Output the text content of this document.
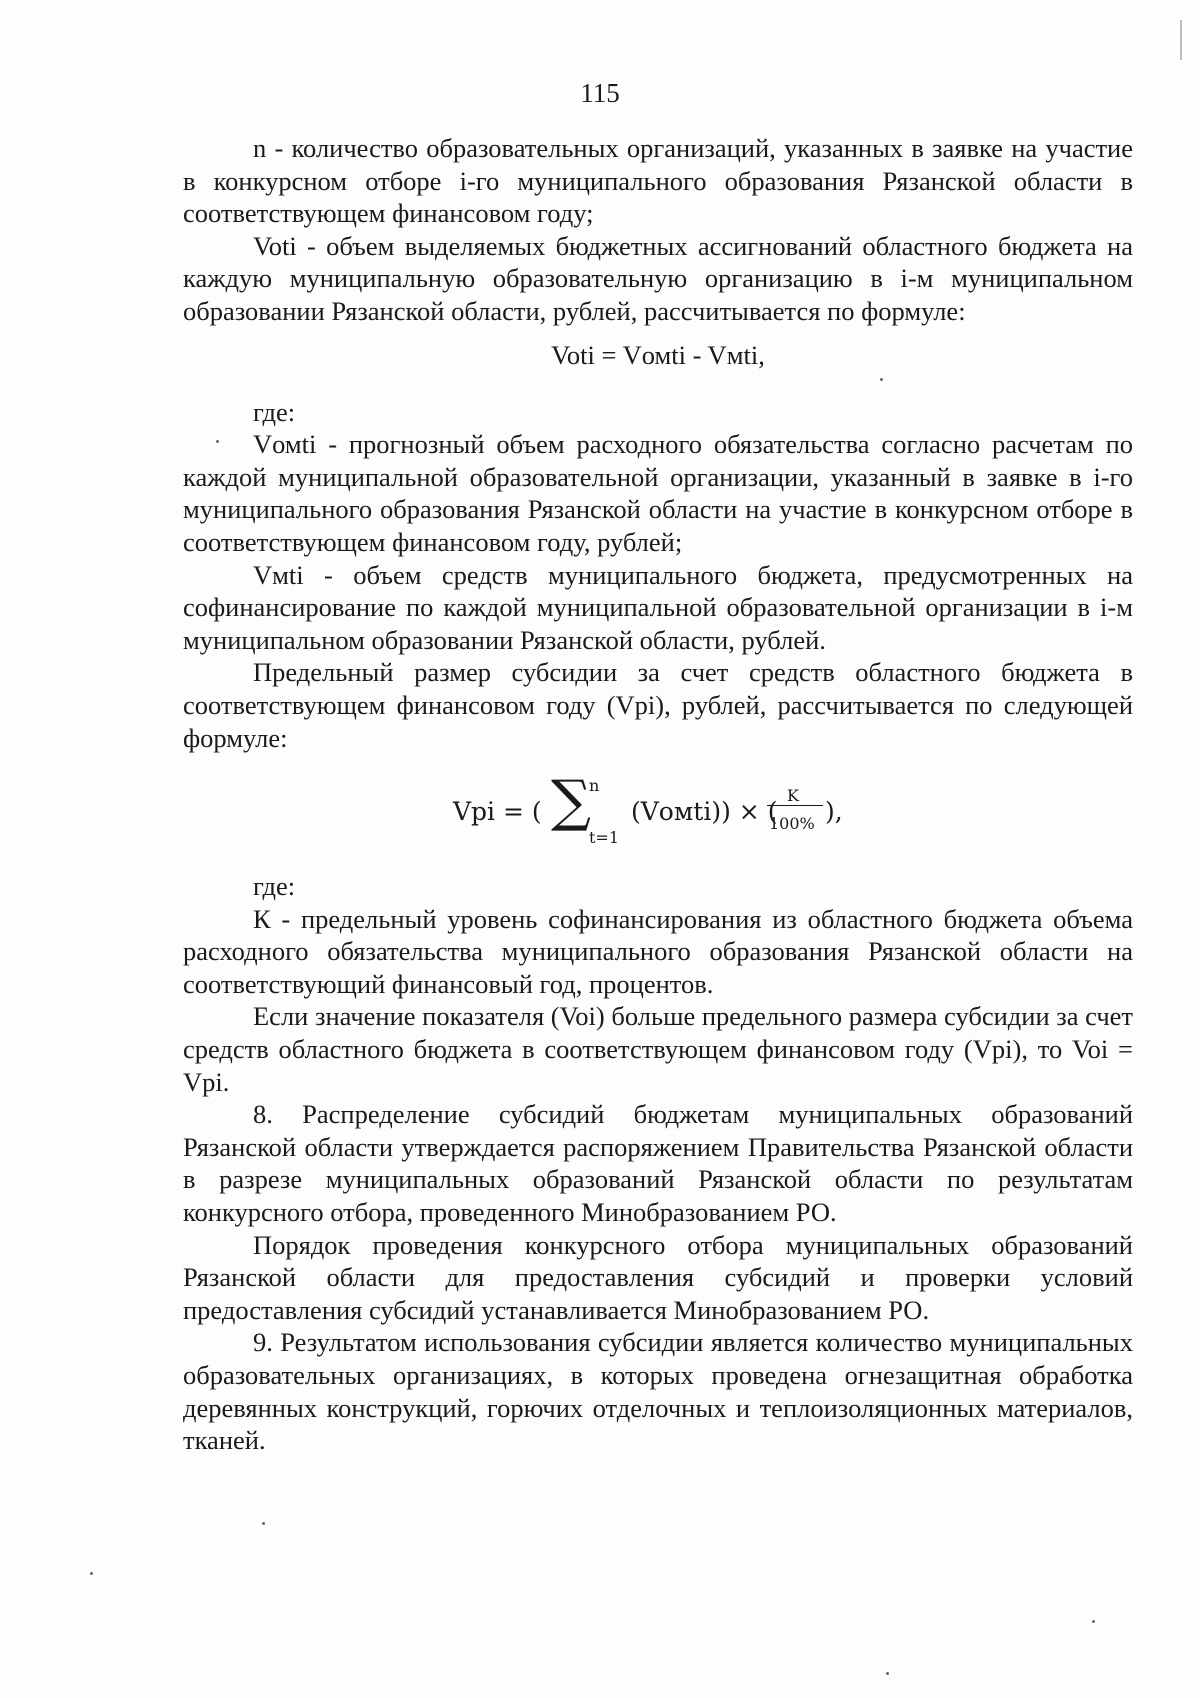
115

n - количество образовательных организаций, указанных в заявке на участие в конкурсном отборе i-го муниципального образования Рязанской области в соответствующем финансовом году;

Voti - объем выделяемых бюджетных ассигнований областного бюджета на каждую муниципальную образовательную организацию в i-м муниципальном образовании Рязанской области, рублей, рассчитывается по формуле:

Voti = Vомti - Vмti,

где:

Vомti - прогнозный объем расходного обязательства согласно расчетам по каждой муниципальной образовательной организации, указанный в заявке в i-го муниципального образования Рязанской области на участие в конкурсном отборе в соответствующем финансовом году, рублей;

Vмti - объем средств муниципального бюджета, предусмотренных на софинансирование по каждой муниципальной образовательной организации в i-м муниципальном образовании Рязанской области, рублей.

Предельный размер субсидии за счет средств областного бюджета в соответствующем финансовом году (Vpi), рублей, рассчитывается по следующей формуле:

Vpi = ( ∑
n
t=1
(Vомti)) × (
K
100% ),

где:

К - предельный уровень софинансирования из областного бюджета объема расходного обязательства муниципального образования Рязанской области на соответствующий финансовый год, процентов.

Если значение показателя (Voi) больше предельного размера субсидии за счет средств областного бюджета в соответствующем финансовом году (Vpi), то Voi = Vpi.

8. Распределение субсидий бюджетам муниципальных образований Рязанской области утверждается распоряжением Правительства Рязанской области в разрезе муниципальных образований Рязанской области по результатам конкурсного отбора, проведенного Минобразованием РО.

Порядок проведения конкурсного отбора муниципальных образований Рязанской области для предоставления субсидий и проверки условий предоставления субсидий устанавливается Минобразованием РО.

9. Результатом использования субсидии является количество муниципальных образовательных организациях, в которых проведена огнезащитная обработка деревянных конструкций, горючих отделочных и теплоизоляционных материалов, тканей.
